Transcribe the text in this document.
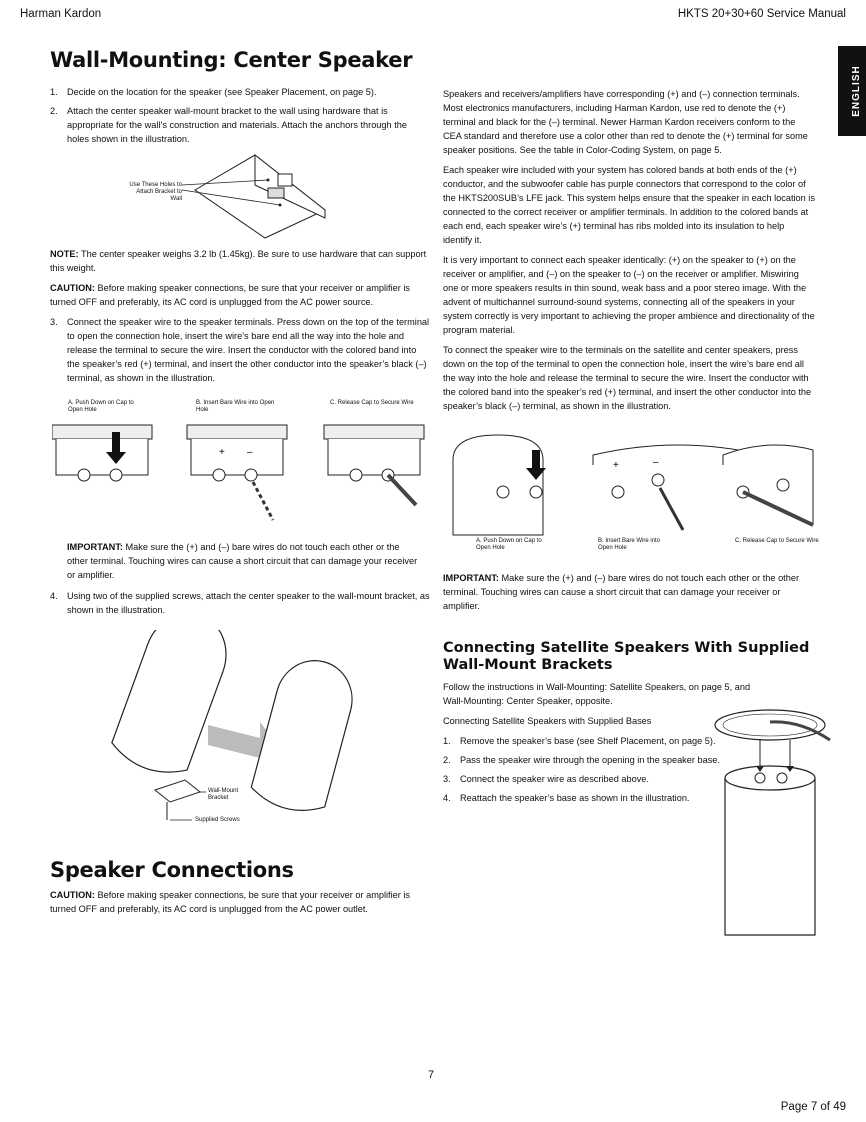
Harman Kardon	HKTS 20+30+60 Service Manual
ENGLISH
Wall-Mounting: Center Speaker
1. Decide on the location for the speaker (see Speaker Placement, on page 5).
2. Attach the center speaker wall-mount bracket to the wall using hardware that is appropriate for the wall’s construction and materials. Attach the anchors through the holes shown in the illustration.
Use These Holes to Attach Bracket to Wall

NOTE: The center speaker weighs 3.2 lb (1.45kg). Be sure to use hardware that can support this weight.

CAUTION: Before making speaker connections, be sure that your receiver or amplifier is turned OFF and preferably, its AC cord is unplugged from the AC power source.

3. Connect the speaker wire to the speaker terminals. Press down on the top of the terminal to open the connection hole, insert the wire’s bare end all the way into the hole and release the terminal to secure the wire. Insert the conductor with the colored band into the speaker’s red (+) terminal, and insert the other conductor into the speaker’s black (–) terminal, as shown in the illustration.
A. Push Down on Cap to Open Hole
B. Insert Bare Wire into Open Hole
C. Release Cap to Secure Wire
+ –
IMPORTANT: Make sure the (+) and (–) bare wires do not touch each other or the other terminal. Touching wires can cause a short circuit that can damage your receiver or amplifier.
4. Using two of the supplied screws, attach the center speaker to the wall-mount bracket, as shown in the illustration.
Wall-Mount Bracket
Supplied Screws
Speaker Connections

CAUTION: Before making speaker connections, be sure that your receiver or amplifier is turned OFF and preferably, its AC cord is unplugged from the AC power outlet.

Speakers and receivers/amplifiers have corresponding (+) and (–) connection terminals. Most electronics manufacturers, including Harman Kardon, use red to denote the (+) terminal and black for the (–) terminal. Newer Harman Kardon receivers conform to the CEA standard and therefore use a color other than red to denote the (+) terminal for some speaker positions. See the table in Color-Coding System, on page 5.

Each speaker wire included with your system has colored bands at both ends of the (+) conductor, and the subwoofer cable has purple connectors that correspond to the color of the HKTS200SUB’s LFE jack. This system helps ensure that the speaker in each location is connected to the correct receiver or amplifier terminals. In addition to the colored bands at each end, each speaker wire’s (+) terminal has ribs molded into its insulation to help identify it.

It is very important to connect each speaker identically: (+) on the speaker to (+) on the receiver or amplifier, and (–) on the speaker to (–) on the receiver or amplifier. Miswiring one or more speakers results in thin sound, weak bass and a poor stereo image. With the advent of multichannel surround-sound systems, connecting all of the speakers in your system correctly is very important to achieving the proper ambience and directionality of the program material.

To connect the speaker wire to the terminals on the satellite and center speakers, press down on the top of the terminal to open the connection hole, insert the wire’s bare end all the way into the hole and release the terminal to secure the wire. Insert the conductor with the colored band into the speaker’s red (+) terminal, and insert the other conductor into the speaker’s black (–) terminal, as shown in the illustration.

+	–
A. Push Down on Cap to Open Hole
B. Insert Bare Wire into Open Hole
C. Release Cap to Secure Wire
IMPORTANT: Make sure the (+) and (–) bare wires do not touch each other or the other terminal. Touching wires can cause a short circuit that can damage your receiver or amplifier.
Connecting Satellite Speakers With Supplied Wall-Mount Brackets

Follow the instructions in Wall-Mounting: Satellite Speakers, on page 5, and Wall-Mounting: Center Speaker, opposite.

Connecting Satellite Speakers with Supplied Bases

1. Remove the speaker’s base (see Shelf Placement, on page 5).
2. Pass the speaker wire through the opening in the speaker base.
3. Connect the speaker wire as described above.
4. Reattach the speaker’s base as shown in the illustration.
7
Page 7 of 49
